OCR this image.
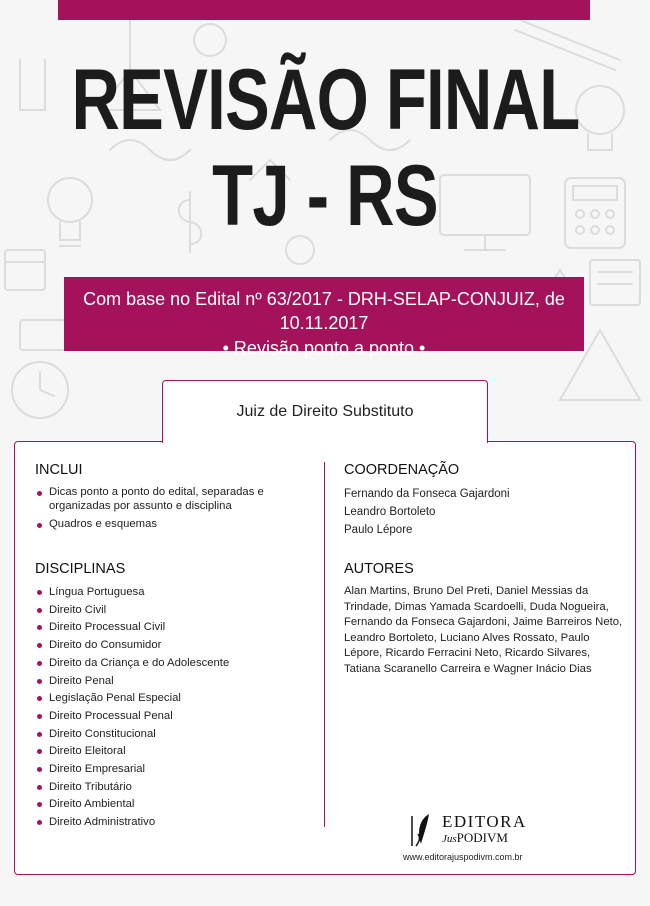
REVISÃO FINAL
TJ - RS
Com base no Edital nº 63/2017 - DRH-SELAP-CONJUIZ, de 10.11.2017
• Revisão ponto a ponto •
Juiz de Direito Substituto
INCLUI
Dicas ponto a ponto do edital, separadas e organizadas por assunto e disciplina
Quadros e esquemas
DISCIPLINAS
Língua Portuguesa
Direito Civil
Direito Processual Civil
Direito do Consumidor
Direito da Criança e do Adolescente
Direito Penal
Legislação Penal Especial
Direito Processual Penal
Direito Constitucional
Direito Eleitoral
Direito Empresarial
Direito Tributário
Direito Ambiental
Direito Administrativo
COORDENAÇÃO
Fernando da Fonseca Gajardoni
Leandro Bortoleto
Paulo Lépore
AUTORES
Alan Martins, Bruno Del Preti, Daniel Messias da Trindade, Dimas Yamada Scardoelli, Duda Nogueira, Fernando da Fonseca Gajardoni, Jaime Barreiros Neto, Leandro Bortoleto, Luciano Alves Rossato, Paulo Lépore, Ricardo Ferracini Neto, Ricardo Silvares, Tatiana Scaranello Carreira e Wagner Inácio Dias
EDITORA
JusPODIVM
www.editorajuspodivm.com.br
